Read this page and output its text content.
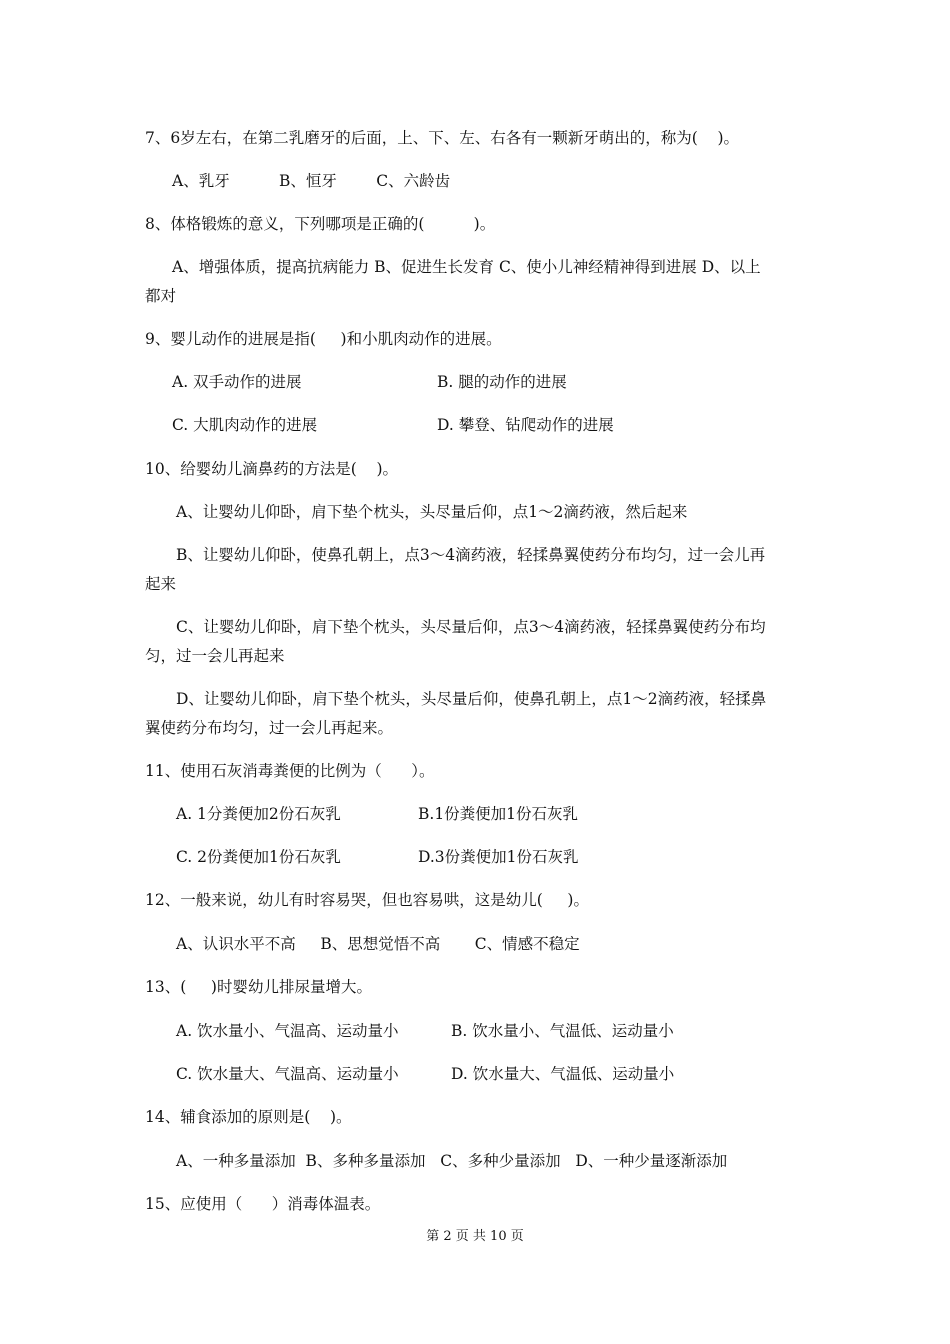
7、6岁左右，在第二乳磨牙的后面，上、下、左、右各有一颗新牙萌出的，称为(    )。
A、乳牙          B、恒牙        C、六龄齿
8、体格锻炼的意义，下列哪项是正确的(          )。
A、增强体质，提高抗病能力 B、促进生长发育 C、使小儿神经精神得到进展 D、以上
都对
9、婴儿动作的进展是指(     )和小肌肉动作的进展。
A. 双手动作的进展	B. 腿的动作的进展
C. 大肌肉动作的进展	D. 攀登、钻爬动作的进展
10、给婴幼儿滴鼻药的方法是(    )。
A、让婴幼儿仰卧，肩下垫个枕头，头尽量后仰，点1～2滴药液，然后起来
B、让婴幼儿仰卧，使鼻孔朝上，点3～4滴药液，轻揉鼻翼使药分布均匀，过一会儿再
起来
C、让婴幼儿仰卧，肩下垫个枕头，头尽量后仰，点3～4滴药液，轻揉鼻翼使药分布均
匀，过一会儿再起来
D、让婴幼儿仰卧，肩下垫个枕头，头尽量后仰，使鼻孔朝上，点1～2滴药液，轻揉鼻
翼使药分布均匀，过一会儿再起来。
11、使用石灰消毒粪便的比例为（      ）。
A. 1分粪便加2份石灰乳	B.1份粪便加1份石灰乳
C. 2份粪便加1份石灰乳	D.3份粪便加1份石灰乳
12、一般来说，幼儿有时容易哭，但也容易哄，这是幼儿(     )。
A、认识水平不高     B、思想觉悟不高       C、情感不稳定
13、(     )时婴幼儿排尿量增大。
A. 饮水量小、气温高、运动量小	B. 饮水量小、气温低、运动量小
C. 饮水量大、气温高、运动量小	D. 饮水量大、气温低、运动量小
14、辅食添加的原则是(    )。
A、一种多量添加  B、多种多量添加   C、多种少量添加   D、一种少量逐渐添加
15、应使用（      ）消毒体温表。
第 2 页 共 10 页
